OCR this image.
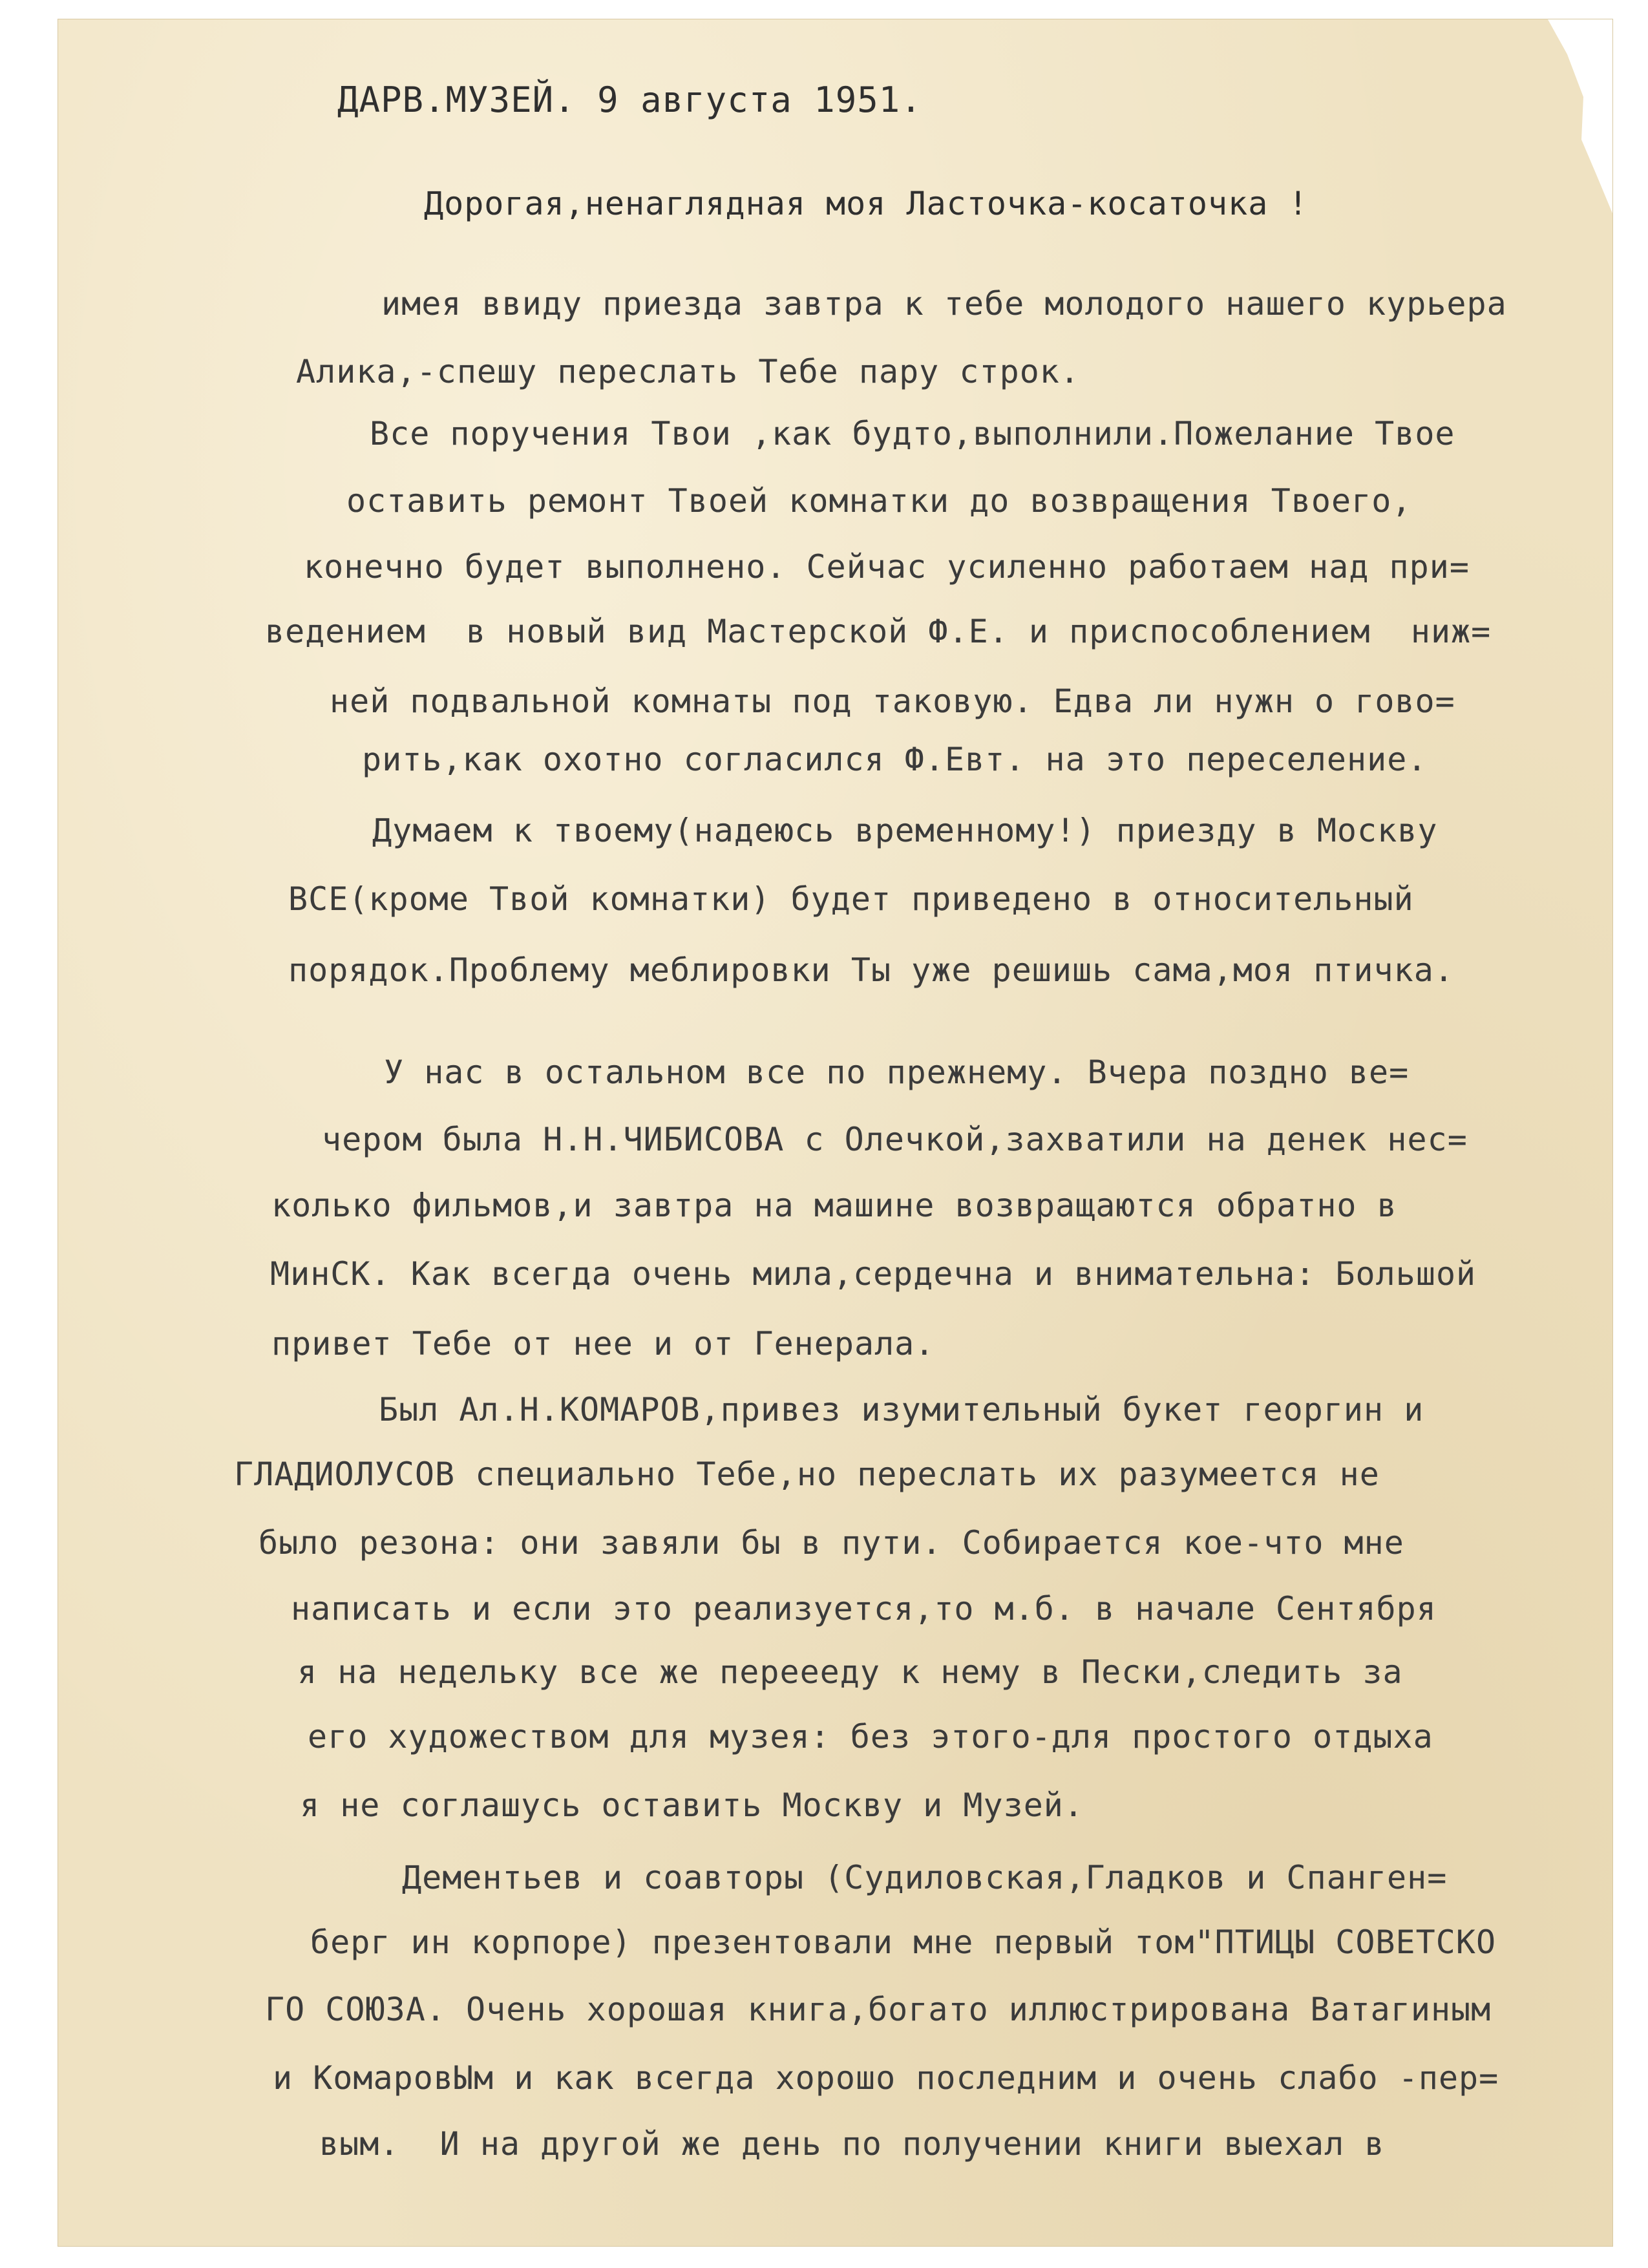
ДАРВ.МУЗЕЙ. 9 августа 1951.
Дорогая,ненаглядная моя Ласточка-косаточка !
имея ввиду приезда завтра к тебе молодого нашего курьера
Алика,-спешу переслать Тебе пару строк.
Все поручения Твои ,как будто,выполнили.Пожелание Твое
оставить ремонт Твоей комнатки до возвращения Твоего,
конечно будет выполнено. Сейчас усиленно работаем над при=
ведением  в новый вид Мастерской Ф.Е. и приспособлением  ниж=
ней подвальной комнаты под таковую. Едва ли нужн о гово=
рить,как охотно согласился Ф.Евт. на это переселение.
Думаем к твоему(надеюсь временному!) приезду в Москву
ВСЕ(кроме Твой комнатки) будет приведено в относительный
порядок.Проблему меблировки Ты уже решишь сама,моя птичка.
У нас в остальном все по прежнему. Вчера поздно ве=
чером была Н.Н.ЧИБИСОВА с Олечкой,захватили на денек нес=
колько фильмов,и завтра на машине возвращаются обратно в
МинСК. Как всегда очень мила,сердечна и внимательна: Большой
привет Тебе от нее и от Генерала.
Был Ал.Н.КОМАРОВ,привез изумительный букет георгин и
ГЛАДИОЛУСОВ специально Тебе,но переслать их разумеется не
было резона: они завяли бы в пути. Собирается кое-что мне
написать и если это реализуется,то м.б. в начале Сентября
я на недельку все же переееду к нему в Пески,следить за
его художеством для музея: без этого-для простого отдыха
я не соглашусь оставить Москву и Музей.
Дементьев и соавторы (Судиловская,Гладков и Спанген=
берг ин корпоре) презентовали мне первый том"ПТИЦЫ СОВЕТСКО
ГО СОЮЗА. Очень хорошая книга,богато иллюстрирована Ватагиным
и КомаровЫм и как всегда хорошо последним и очень слабо -пер=
вым.  И на другой же день по получении книги выехал в
